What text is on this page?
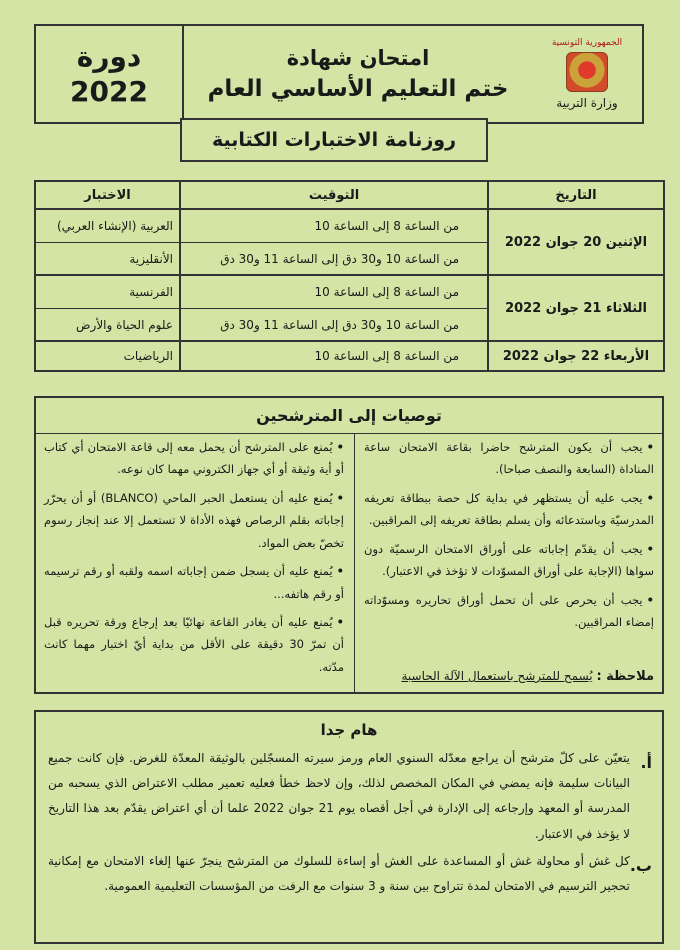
دورة
2022
امتحان شهادة
ختم التعليم الأساسي العام
الجمهورية التونسية
وزارة التربية
روزنامة الاختبارات الكتابية
الاختبار	التوقيت	التاريخ
الإثنين 20 جوان 2022
من الساعة 8 إلى الساعة 10
العربية (الإنشاء العربي)
من الساعة 10 و30 دق إلى الساعة 11 و30 دق
الأنقليزية
الثلاثاء 21 جوان 2022
من الساعة 8 إلى الساعة 10
الفرنسية
من الساعة 10 و30 دق إلى الساعة 11 و30 دق
علوم الحياة والأرض
الأربعاء 22 جوان 2022
من الساعة 8 إلى الساعة 10
الرياضيات
توصيات إلى المترشحين

•يجب أن يكون المترشح حاضرا بقاعة الامتحان ساعة المناداة (السابعة والنصف صباحا).

•يجب عليه أن يستظهر في بداية كل حصة ببطاقة تعريفه المدرسيّة وباستدعائه وأن يسلم بطاقة تعريفه إلى المراقبين.

•يجب أن يقدّم إجاباته على أوراق الامتحان الرسميّة دون سواها (الإجابة على أوراق المسوّدات لا تؤخذ في الاعتبار).

•يجب أن يحرص على أن تحمل أوراق تحاريره ومسوّداته إمضاء المراقبين.

•يُمنع على المترشح أن يحمل معه إلى قاعة الامتحان أي كتاب أو أية وثيقة أو أي جهاز الكتروني مهما كان نوعه.

•يُمنع عليه أن يستعمل الحبر الماحي (BLANCO) أو أن يحرّر إجاباته بقلم الرصاص فهذه الأداة لا تستعمل إلا عند إنجاز رسوم تخصّ بعض المواد.

•يُمنع عليه أن يسجل ضمن إجاباته اسمه ولقبه أو رقم ترسيمه أو رقم هاتفه...

•يُمنع عليه أن يغادر القاعة نهائيّا بعد إرجاع ورقة تحريره قبل أن تمرّ 30 دقيقة على الأقل من بداية أيّ اختبار مهما كانت مدّته.

ملاحظة : يُسمح للمترشح باستعمال الآلة الحاسبة
هام جدا
أ.
يتعيّن على كلّ مترشح أن يراجع معدّله السنوي العام ورمز سيرته المسجّلين بالوثيقة المعدّة للغرض. فإن كانت جميع البيانات سليمة فإنه يمضي في المكان المخصص لذلك، وإن لاحظ خطأ فعليه تعمير مطلب الاعتراض الذي يسحبه من المدرسة أو المعهد وإرجاعه إلى الإدارة في أجل أقصاه يوم 21 جوان 2022 علما أن أي اعتراض يقدّم بعد هذا التاريخ لا يؤخذ في الاعتبار.
ب.
كل غش أو محاولة غش أو المساعدة على الغش أو إساءة للسلوك من المترشح ينجرّ عنها إلغاء الامتحان مع إمكانية تحجير الترسيم في الامتحان لمدة تتراوح بين سنة و 3 سنوات مع الرفت من المؤسسات التعليمية العمومية.
